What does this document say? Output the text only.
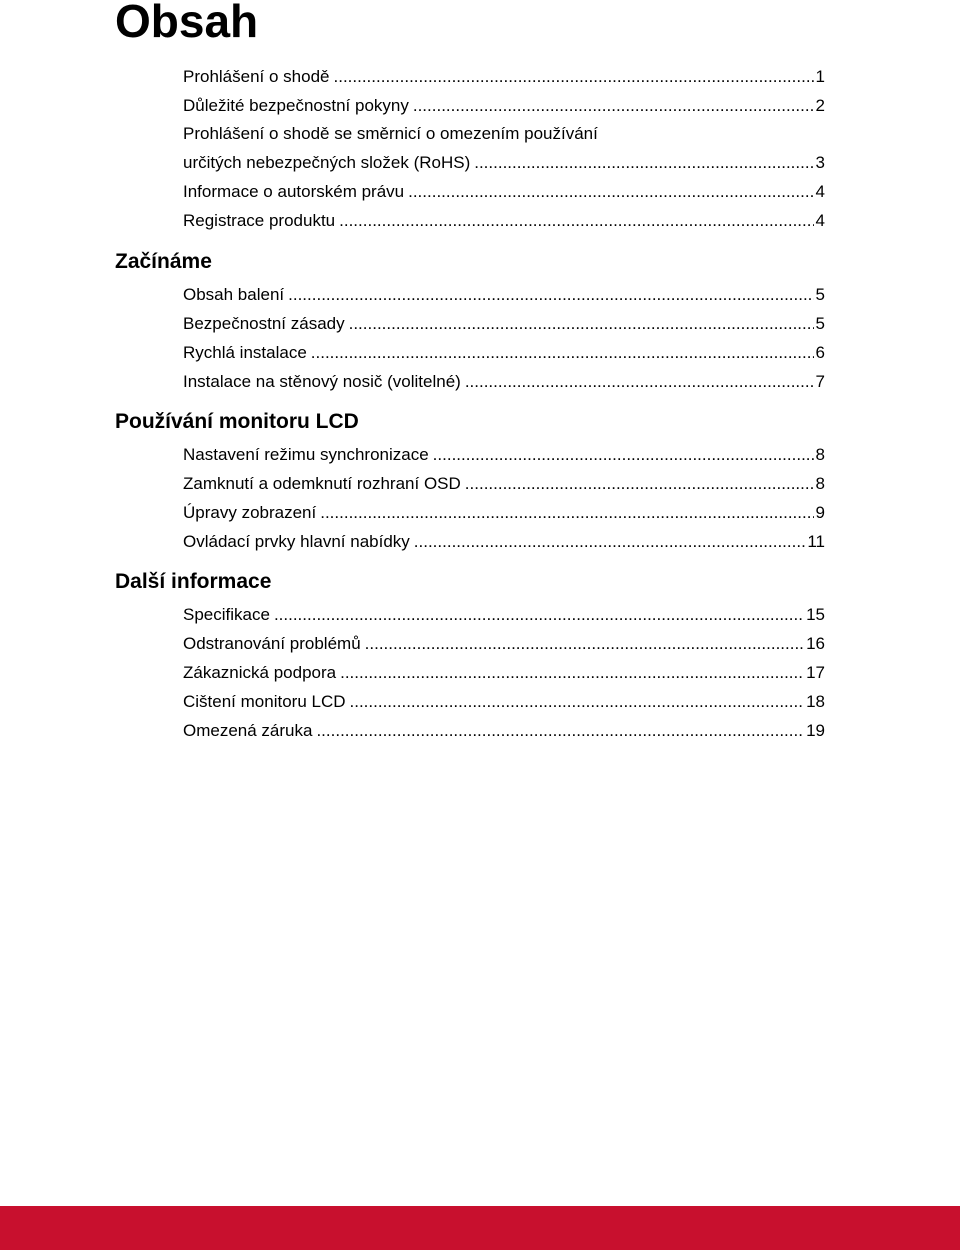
Obsah
Prohlášení o shodě .....	1
Důležité bezpečnostní pokyny .....	2
Prohlášení o shodě se směrnicí o omezením používání
určitých nebezpečných složek (RoHS) .....	3
Informace o autorském právu .....	4
Registrace produktu .....	4
Začínáme
Obsah balení .....	5
Bezpečnostní zásady .....	5
Rychlá instalace .....	6
Instalace na stěnový nosič (volitelné) .....	7
Používání monitoru LCD
Nastavení režimu synchronizace .....	8
Zamknutí a odemknutí rozhraní OSD .....	8
Úpravy zobrazení .....	9
Ovládací prvky hlavní nabídky .....	11
Další informace
Specifikace .....	15
Odstranování problémů .....	16
Zákaznická podpora .....	17
Cištení monitoru LCD .....	18
Omezená záruka .....	19
